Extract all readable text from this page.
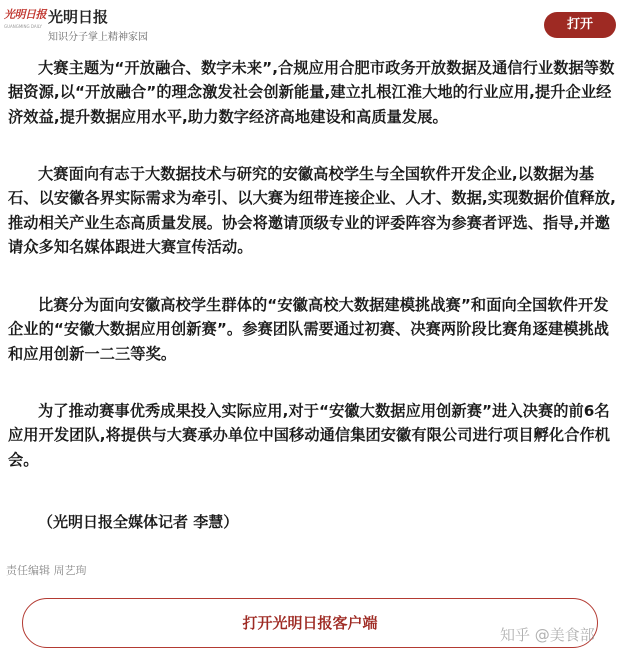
光明日报
GUANGMING DAILY
光明日报
知识分子掌上精神家园
打开

大赛主题为“开放融合、数字未来”,合规应用合肥市政务开放数据及通信行业数据等数据资源,以“开放融合”的理念激发社会创新能量,建立扎根江淮大地的行业应用,提升企业经济效益,提升数据应用水平,助力数字经济高地建设和高质量发展。

大赛面向有志于大数据技术与研究的安徽高校学生与全国软件开发企业,以数据为基石、以安徽各界实际需求为牵引、以大赛为纽带连接企业、人才、数据,实现数据价值释放,推动相关产业生态高质量发展。协会将邀请顶级专业的评委阵容为参赛者评选、指导,并邀请众多知名媒体跟进大赛宣传活动。

比赛分为面向安徽高校学生群体的“安徽高校大数据建模挑战赛”和面向全国软件开发企业的“安徽大数据应用创新赛”。参赛团队需要通过初赛、决赛两阶段比赛角逐建模挑战和应用创新一二三等奖。

为了推动赛事优秀成果投入实际应用,对于“安徽大数据应用创新赛”进入决赛的前6名应用开发团队,将提供与大赛承办单位中国移动通信集团安徽有限公司进行项目孵化合作机会。

（光明日报全媒体记者 李慧）

责任编辑 周艺珣
打开光明日报客户端
知乎 @美食部
